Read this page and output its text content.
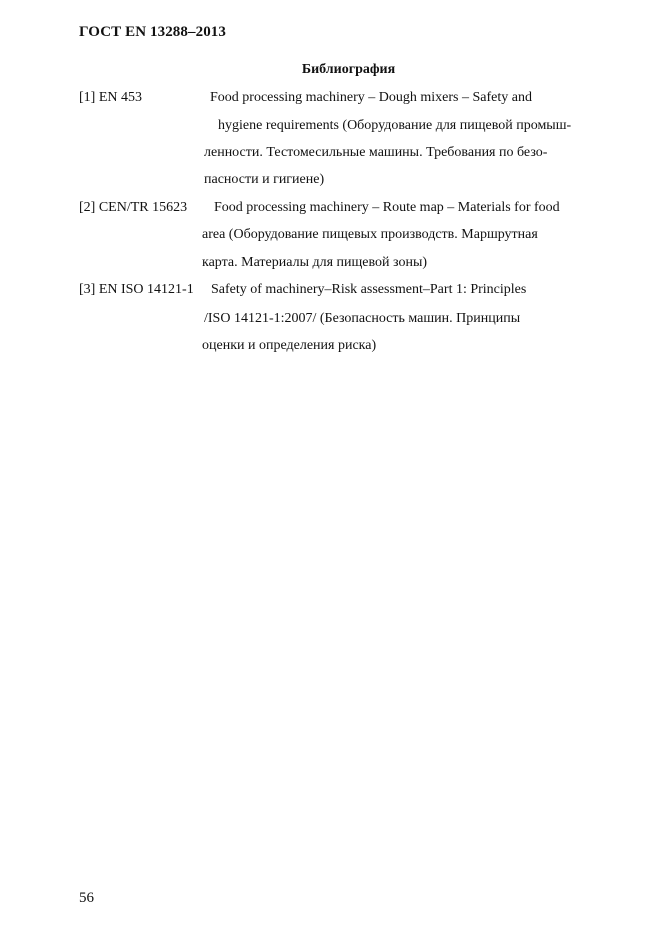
ГОСТ EN 13288–2013
Библиография
[1] EN 453	Food processing machinery – Dough mixers – Safety and
hygiene requirements (Оборудование для пищевой промыш-
ленности. Тестомесильные машины. Требования по безо-
пасности и гигиене)
[2] CEN/TR 15623 Food processing machinery – Route map – Materials for food
area (Оборудование пищевых производств. Маршрутная
карта. Материалы для пищевой зоны)
[3] EN ISO 14121-1 Safety of machinery–Risk assessment–Part 1: Principles
/ISO 14121-1:2007/ (Безопасность машин. Принципы
оценки и определения риска)
56
